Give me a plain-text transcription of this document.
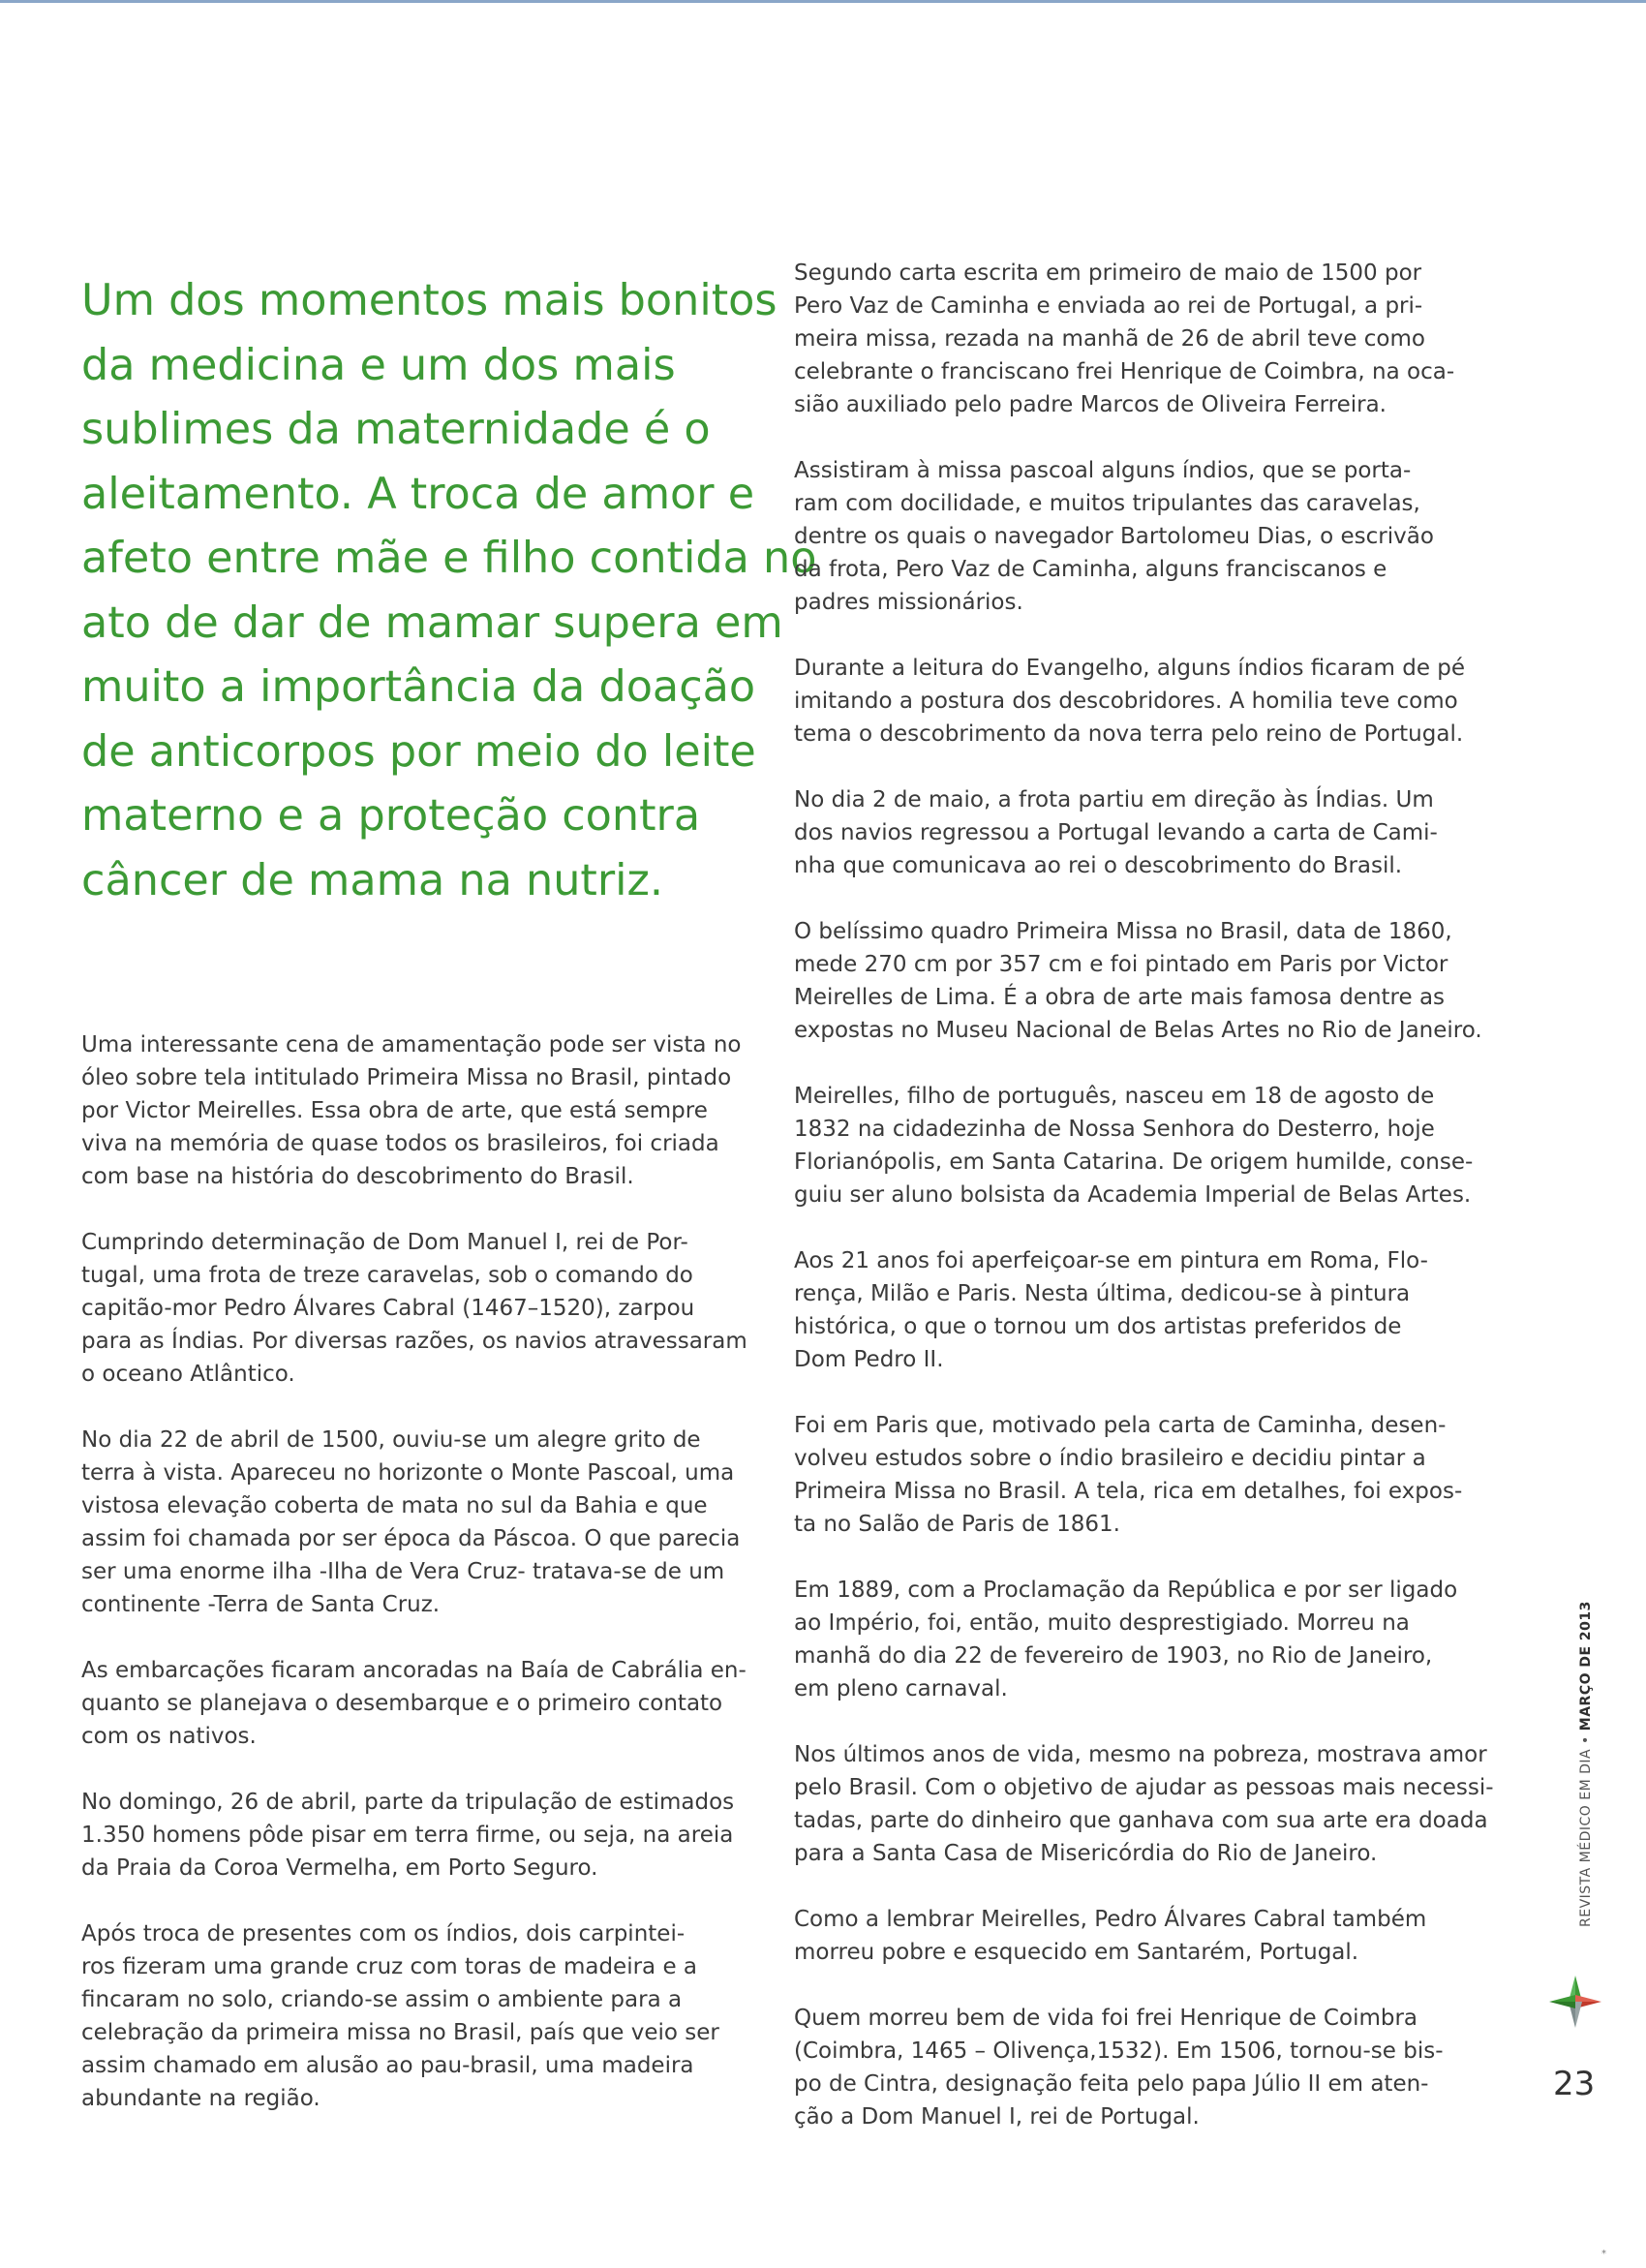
Um dos momentos mais bonitos
da medicina e um dos mais
sublimes da maternidade é o
aleitamento. A troca de amor e
afeto entre mãe e filho contida no
ato de dar de mamar supera em
muito a importância da doação
de anticorpos por meio do leite
materno e a proteção contra
câncer de mama na nutriz.

Uma interessante cena de amamentação pode ser vista no
óleo sobre tela intitulado Primeira Missa no Brasil, pintado
por Victor Meirelles. Essa obra de arte, que está sempre
viva na memória de quase todos os brasileiros, foi criada
com base na história do descobrimento do Brasil.

Cumprindo determinação de Dom Manuel I, rei de Por-
tugal, uma frota de treze caravelas, sob o comando do
capitão-mor Pedro Álvares Cabral (1467–1520), zarpou
para as Índias. Por diversas razões, os navios atravessaram
o oceano Atlântico.

No dia 22 de abril de 1500, ouviu-se um alegre grito de
terra à vista. Apareceu no horizonte o Monte Pascoal, uma
vistosa elevação coberta de mata no sul da Bahia e que
assim foi chamada por ser época da Páscoa. O que parecia
ser uma enorme ilha -Ilha de Vera Cruz- tratava-se de um
continente -Terra de Santa Cruz.

As embarcações ficaram ancoradas na Baía de Cabrália en-
quanto se planejava o desembarque e o primeiro contato
com os nativos.

No domingo, 26 de abril, parte da tripulação de estimados
1.350 homens pôde pisar em terra firme, ou seja, na areia
da Praia da Coroa Vermelha, em Porto Seguro.

Após troca de presentes com os índios, dois carpintei-
ros fizeram uma grande cruz com toras de madeira e a
fincaram no solo, criando-se assim o ambiente para a
celebração da primeira missa no Brasil, país que veio ser
assim chamado em alusão ao pau-brasil, uma madeira
abundante na região.

Segundo carta escrita em primeiro de maio de 1500 por
Pero Vaz de Caminha e enviada ao rei de Portugal, a pri-
meira missa, rezada na manhã de 26 de abril teve como
celebrante o franciscano frei Henrique de Coimbra, na oca-
sião auxiliado pelo padre Marcos de Oliveira Ferreira.

Assistiram à missa pascoal alguns índios, que se porta-
ram com docilidade, e muitos tripulantes das caravelas,
dentre os quais o navegador Bartolomeu Dias, o escrivão
da frota, Pero Vaz de Caminha, alguns franciscanos e
padres missionários.

Durante a leitura do Evangelho, alguns índios ficaram de pé
imitando a postura dos descobridores. A homilia teve como
tema o descobrimento da nova terra pelo reino de Portugal.

No dia 2 de maio, a frota partiu em direção às Índias. Um
dos navios regressou a Portugal levando a carta de Cami-
nha que comunicava ao rei o descobrimento do Brasil.

O belíssimo quadro Primeira Missa no Brasil, data de 1860,
mede 270 cm por 357 cm e foi pintado em Paris por Victor
Meirelles de Lima. É a obra de arte mais famosa dentre as
expostas no Museu Nacional de Belas Artes no Rio de Janeiro.

Meirelles, filho de português, nasceu em 18 de agosto de
1832 na cidadezinha de Nossa Senhora do Desterro, hoje
Florianópolis, em Santa Catarina. De origem humilde, conse-
guiu ser aluno bolsista da Academia Imperial de Belas Artes.

Aos 21 anos foi aperfeiçoar-se em pintura em Roma, Flo-
rença, Milão e Paris. Nesta última, dedicou-se à pintura
histórica, o que o tornou um dos artistas preferidos de
Dom Pedro II.

Foi em Paris que, motivado pela carta de Caminha, desen-
volveu estudos sobre o índio brasileiro e decidiu pintar a
Primeira Missa no Brasil. A tela, rica em detalhes, foi expos-
ta no Salão de Paris de 1861.

Em 1889, com a Proclamação da República e por ser ligado
ao Império, foi, então, muito desprestigiado. Morreu na
manhã do dia 22 de fevereiro de 1903, no Rio de Janeiro,
em pleno carnaval.

Nos últimos anos de vida, mesmo na pobreza, mostrava amor
pelo Brasil. Com o objetivo de ajudar as pessoas mais necessi-
tadas, parte do dinheiro que ganhava com sua arte era doada
para a Santa Casa de Misericórdia do Rio de Janeiro.

Como a lembrar Meirelles, Pedro Álvares Cabral também
morreu pobre e esquecido em Santarém, Portugal.

Quem morreu bem de vida foi frei Henrique de Coimbra
(Coimbra, 1465 – Olivença,1532). Em 1506, tornou-se bis-
po de Cintra, designação feita pelo papa Júlio II em aten-
ção a Dom Manuel I, rei de Portugal.

REVISTA MÉDICO EM DIA • MARÇO DE 2013

23

*
